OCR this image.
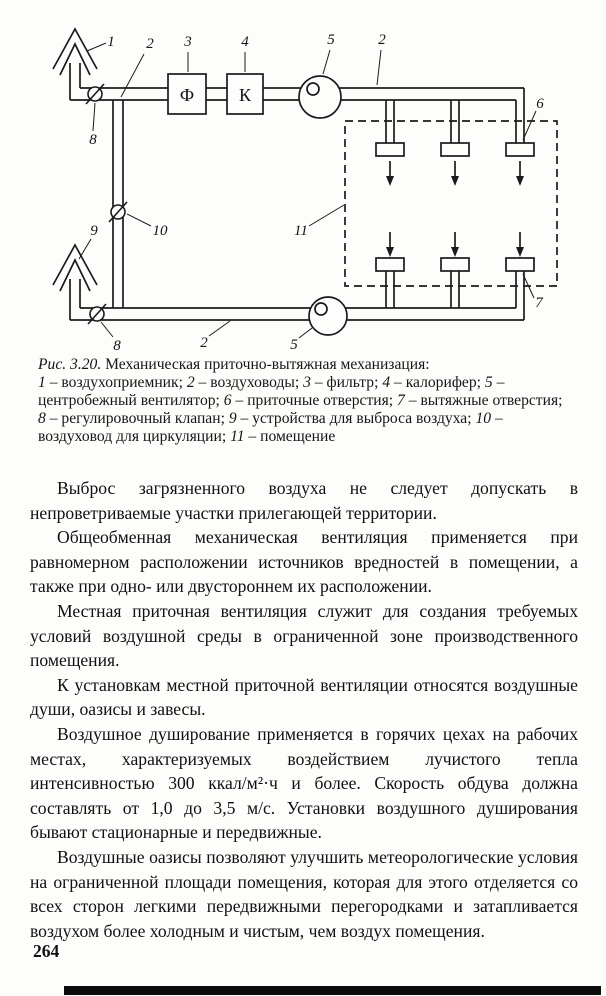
1 2 3	4	5	2
6
8
9	10	11
8	2	5
7
Ф К
Рис. 3.20. Механическая приточно-вытяжная механизация:
1 – воздухоприемник; 2 – воздуховоды; 3 – фильтр; 4 – калорифер; 5 – центробежный вентилятор; 6 – приточные отверстия; 7 – вытяжные отверстия; 8 – регулировочный клапан; 9 – устройства для выброса воздуха; 10 – воздуховод для циркуляции; 11 – помещение

Выброс загрязненного воздуха не следует допускать в непроветриваемые участки прилегающей территории.

Общеобменная механическая вентиляция применяется при равномерном расположении источников вредностей в помещении, а также при одно- или двустороннем их расположении.

Местная приточная вентиляция служит для создания требуемых условий воздушной среды в ограниченной зоне производственного помещения.

К установкам местной приточной вентиляции относятся воздушные души, оазисы и завесы.

Воздушное душирование применяется в горячих цехах на рабочих местах, характеризуемых воздействием лучистого тепла интенсивностью 300 ккал/м²·ч и более. Скорость обдува должна составлять от 1,0 до 3,5 м/с. Установки воздушного душирования бывают стационарные и передвижные.

Воздушные оазисы позволяют улучшить метеорологические условия на ограниченной площади помещения, которая для этого отделяется со всех сторон легкими передвижными перегородками и затапливается воздухом более холодным и чистым, чем воздух помещения.

264
